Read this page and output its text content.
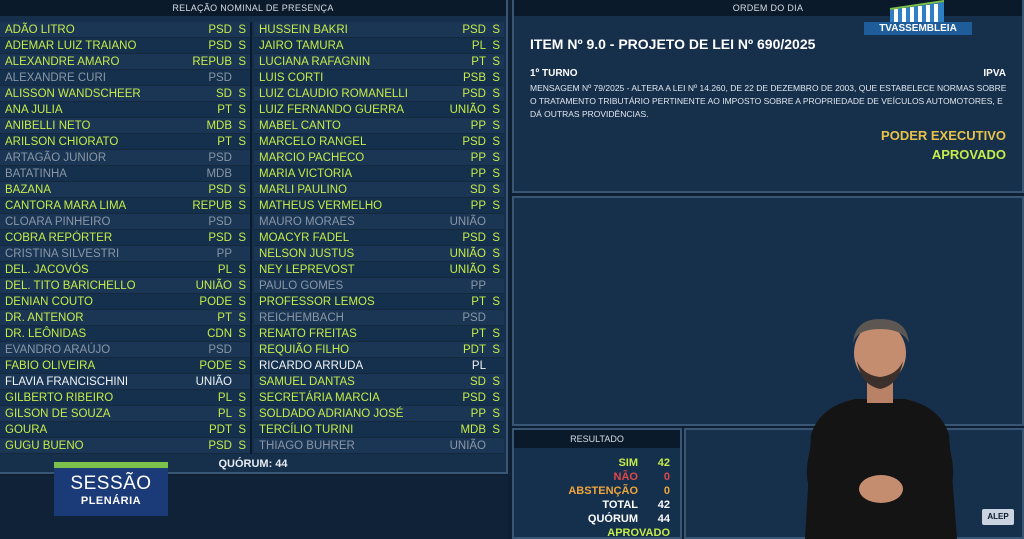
RELAÇÃO NOMINAL DE PRESENÇA
ADÃO LITRO	PSD S
ADEMAR LUIZ TRAIANO	PSD S
ALEXANDRE AMARO	REPUB S
ALEXANDRE CURI	PSD
ALISSON WANDSCHEER	SD S
ANA JULIA	PT S
ANIBELLI NETO	MDB S
ARILSON CHIORATO	PT S
ARTAGÃO JUNIOR	PSD
BATATINHA	MDB
BAZANA	PSD S
CANTORA MARA LIMA	REPUB S
CLOARA PINHEIRO	PSD
COBRA REPÓRTER	PSD S
CRISTINA SILVESTRI	PP
DEL. JACOVÓS	PL S
DEL. TITO BARICHELLO	UNIÃO S
DENIAN COUTO	PODE S
DR. ANTENOR	PT S
DR. LEÔNIDAS	CDN S
EVANDRO ARAÚJO	PSD
FABIO OLIVEIRA	PODE S
FLAVIA FRANCISCHINI	UNIÃO
GILBERTO RIBEIRO	PL S
GILSON DE SOUZA	PL S
GOURA	PDT S
GUGU BUENO	PSD S
HUSSEIN BAKRI	PSD S
JAIRO TAMURA	PL S
LUCIANA RAFAGNIN	PT S
LUIS CORTI	PSB S
LUIZ CLAUDIO ROMANELLI	PSD S
LUIZ FERNANDO GUERRA	UNIÃO S
MABEL CANTO	PP S
MARCELO RANGEL	PSD S
MARCIO PACHECO	PP S
MARIA VICTORIA	PP S
MARLI PAULINO	SD S
MATHEUS VERMELHO	PP S
MAURO MORAES	UNIÃO
MOACYR FADEL	PSD S
NELSON JUSTUS	UNIÃO S
NEY LEPREVOST	UNIÃO S
PAULO GOMES	PP
PROFESSOR LEMOS	PT S
REICHEMBACH	PSD
RENATO FREITAS	PT S
REQUIÃO FILHO	PDT S
RICARDO ARRUDA	PL
SAMUEL DANTAS	SD S
SECRETÁRIA MARCIA	PSD S
SOLDADO ADRIANO JOSÉ	PP S
TERCÍLIO TURINI	MDB S
THIAGO BUHRER	UNIÃO
QUÓRUM: 44
SESSÃO
PLENÁRIA
ORDEM DO DIA
TVASSEMBLEIA
ITEM Nº 9.0 - PROJETO DE LEI Nº 690/2025
1º TURNO	IPVA
MENSAGEM Nº 79/2025 - ALTERA A LEI Nº 14.260, DE 22 DE DEZEMBRO DE 2003, QUE ESTABELECE NORMAS SOBRE O TRATAMENTO TRIBUTÁRIO PERTINENTE AO IMPOSTO SOBRE A PROPRIEDADE DE VEÍCULOS AUTOMOTORES, E DÁ OUTRAS PROVIDÊNCIAS.
PODER EXECUTIVO
APROVADO
RESULTADO
SIM 42
NÃO 0
ABSTENÇÃO 0
TOTAL 42
QUÓRUM 44
APROVADO
ALEP
